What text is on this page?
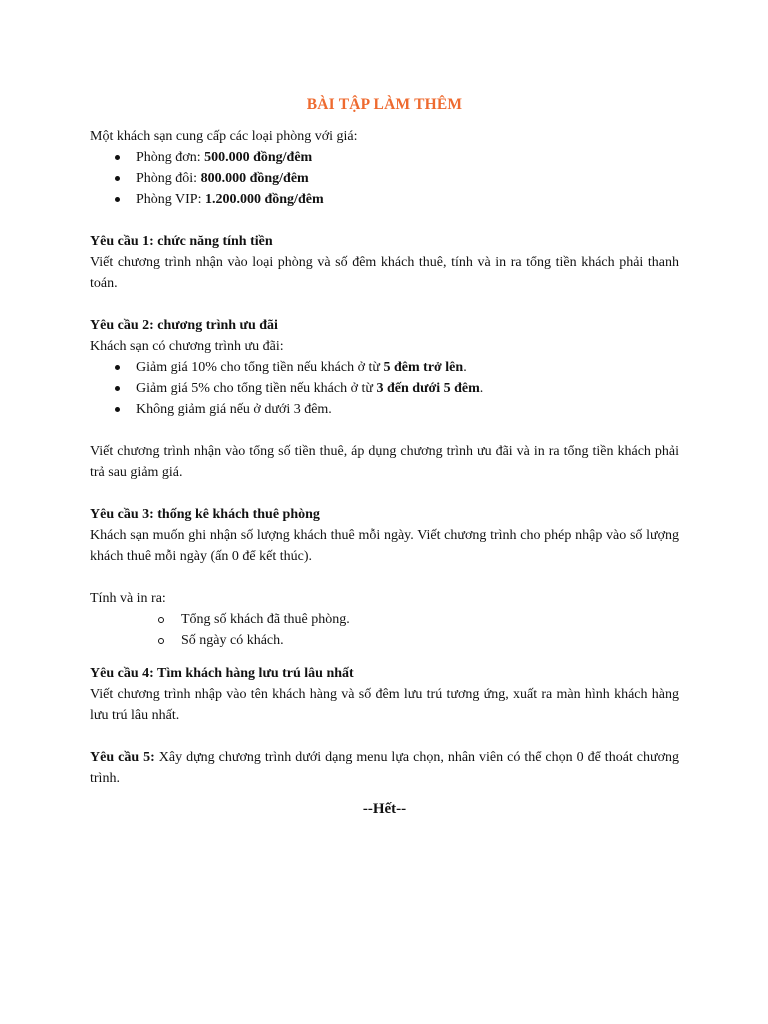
BÀI TẬP LÀM THÊM

Một khách sạn cung cấp các loại phòng với giá:

Phòng đơn: 500.000 đồng/đêm
Phòng đôi: 800.000 đồng/đêm
Phòng VIP: 1.200.000 đồng/đêm

Yêu cầu 1: chức năng tính tiền

Viết chương trình nhận vào loại phòng và số đêm khách thuê, tính và in ra tổng tiền khách phải thanh toán.

Yêu cầu 2: chương trình ưu đãi

Khách sạn có chương trình ưu đãi:

Giảm giá 10% cho tổng tiền nếu khách ở từ 5 đêm trở lên.
Giảm giá 5% cho tổng tiền nếu khách ở từ 3 đến dưới 5 đêm.
Không giảm giá nếu ở dưới 3 đêm.

Viết chương trình nhận vào tổng số tiền thuê, áp dụng chương trình ưu đãi và in ra tổng tiền khách phải trả sau giảm giá.

Yêu cầu 3: thống kê khách thuê phòng

Khách sạn muốn ghi nhận số lượng khách thuê mỗi ngày. Viết chương trình cho phép nhập vào số lượng khách thuê mỗi ngày (ấn 0 để kết thúc).

Tính và in ra:

Tổng số khách đã thuê phòng.
Số ngày có khách.

Yêu cầu 4: Tìm khách hàng lưu trú lâu nhất

Viết chương trình nhập vào tên khách hàng và số đêm lưu trú tương ứng, xuất ra màn hình khách hàng lưu trú lâu nhất.

Yêu cầu 5: Xây dựng chương trình dưới dạng menu lựa chọn, nhân viên có thể chọn 0 để thoát chương trình.

--Hết--
